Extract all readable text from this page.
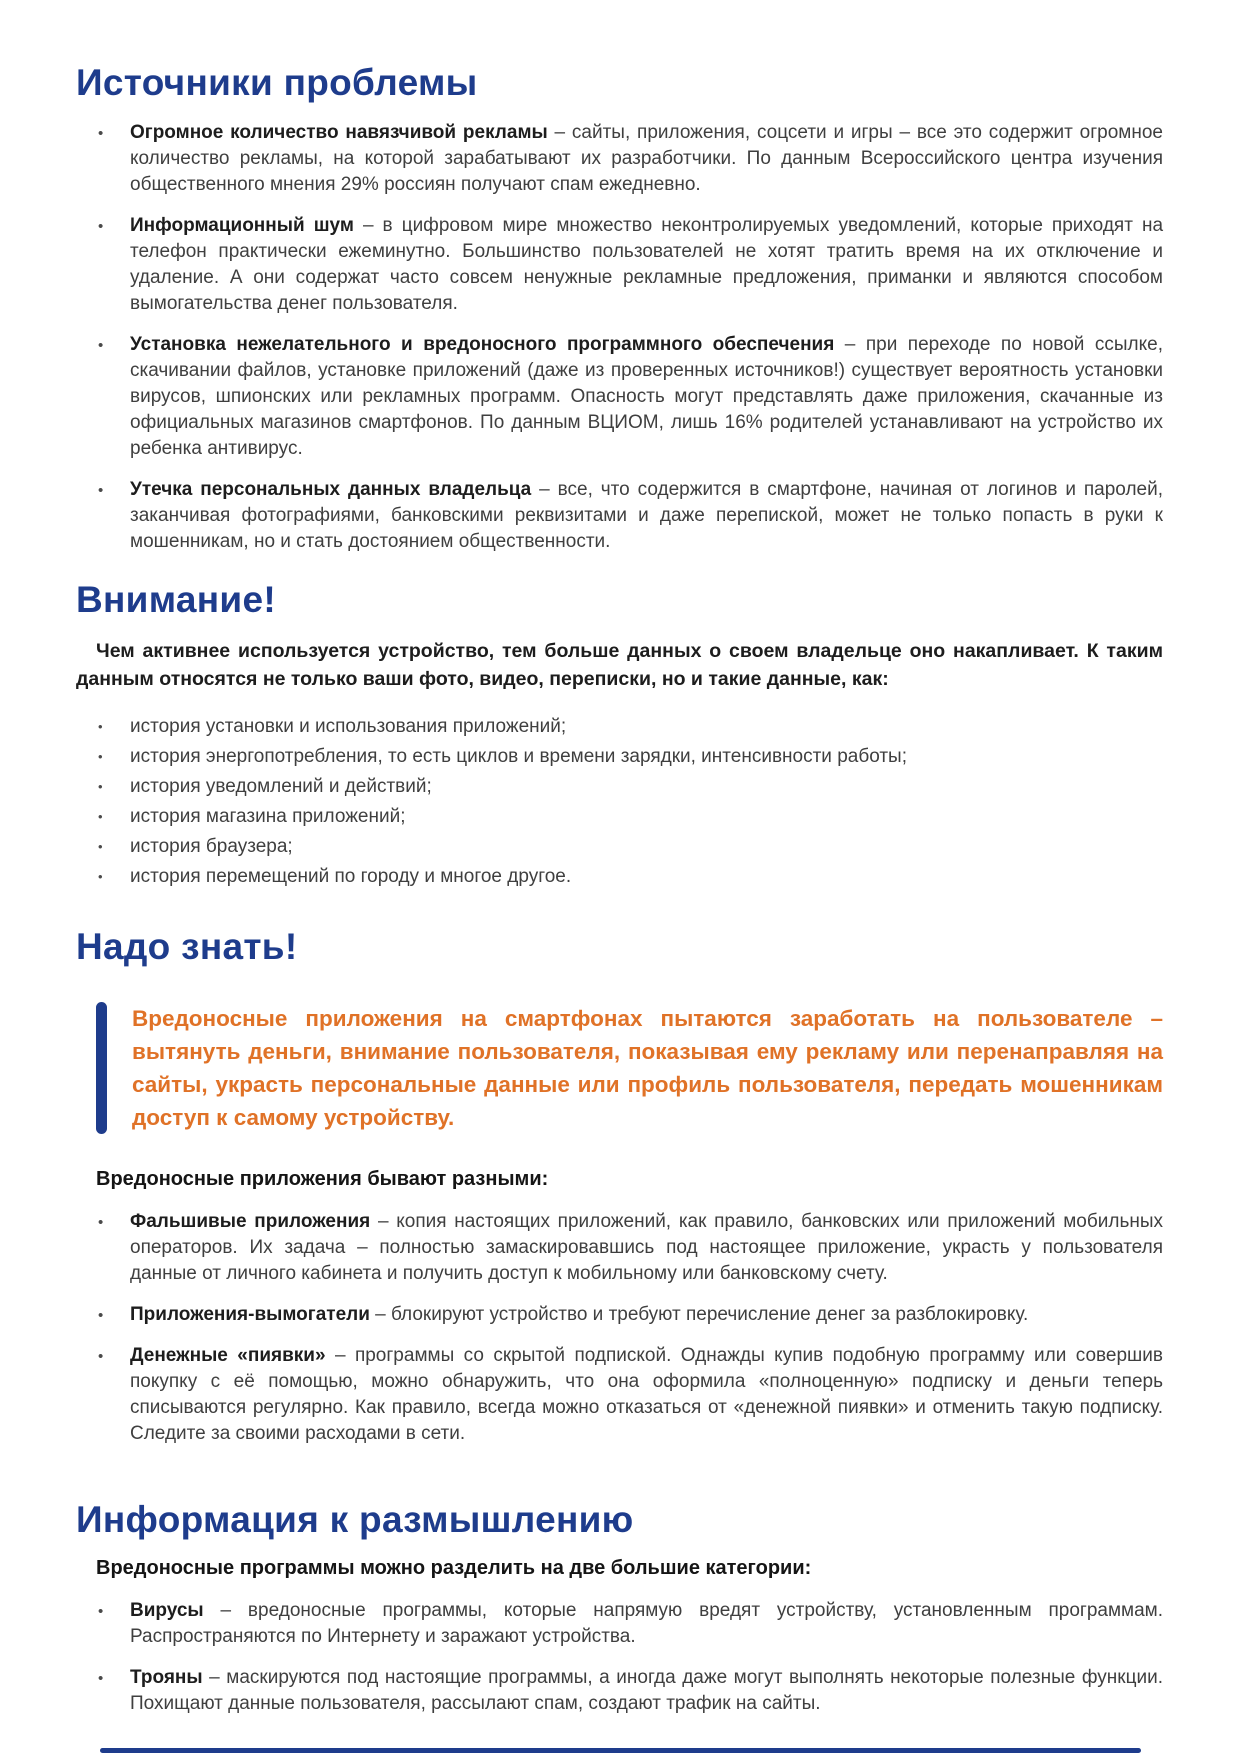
Источники проблемы
• Огромное количество навязчивой рекламы – сайты, приложения, соцсети и игры – все это содержит огромное количество рекламы, на которой зарабатывают их разработчики. По данным Всероссийского центра изучения общественного мнения 29% россиян получают спам ежедневно.
• Информационный шум – в цифровом мире множество неконтролируемых уведомлений, которые приходят на телефон практически ежеминутно. Большинство пользователей не хотят тратить время на их отключение и удаление. А они содержат часто совсем ненужные рекламные предложения, приманки и являются способом вымогательства денег пользователя.
• Установка нежелательного и вредоносного программного обеспечения – при переходе по новой ссылке, скачивании файлов, установке приложений (даже из проверенных источников!) существует вероятность установки вирусов, шпионских или рекламных программ. Опасность могут представлять даже приложения, скачанные из официальных магазинов смартфонов. По данным ВЦИОМ, лишь 16% родителей устанавливают на устройство их ребенка антивирус.
• Утечка персональных данных владельца – все, что содержится в смартфоне, начиная от логинов и паролей, заканчивая фотографиями, банковскими реквизитами и даже перепиской, может не только попасть в руки к мошенникам, но и стать достоянием общественности.
Внимание!

Чем активнее используется устройство, тем больше данных о своем владельце оно накапливает. К таким данным относятся не только ваши фото, видео, переписки, но и такие данные, как:

• история установки и использования приложений;
• история энергопотребления, то есть циклов и времени зарядки, интенсивности работы;
• история уведомлений и действий;
• история магазина приложений;
• история браузера;
• история перемещений по городу и многое другое.
Надо знать!

Вредоносные приложения на смартфонах пытаются заработать на пользователе – вытянуть деньги, внимание пользователя, показывая ему рекламу или перенаправляя на сайты, украсть персональные данные или профиль пользователя, передать мошенникам доступ к самому устройству.

Вредоносные приложения бывают разными:

• Фальшивые приложения – копия настоящих приложений, как правило, банковских или приложений мобильных операторов. Их задача – полностью замаскировавшись под настоящее приложение, украсть у пользователя данные от личного кабинета и получить доступ к мобильному или банковскому счету.
• Приложения-вымогатели – блокируют устройство и требуют перечисление денег за разблокировку.
• Денежные «пиявки» – программы со скрытой подпиской. Однажды купив подобную программу или совершив покупку с её помощью, можно обнаружить, что она оформила «полноценную» подписку и деньги теперь списываются регулярно. Как правило, всегда можно отказаться от «денежной пиявки» и отменить такую подписку. Следите за своими расходами в сети.
Информация к размышлению

Вредоносные программы можно разделить на две большие категории:

• Вирусы – вредоносные программы, которые напрямую вредят устройству, установленным программам. Распространяются по Интернету и заражают устройства.
• Трояны – маскируются под настоящие программы, а иногда даже могут выполнять некоторые полезные функции. Похищают данные пользователя, рассылают спам, создают трафик на сайты.
